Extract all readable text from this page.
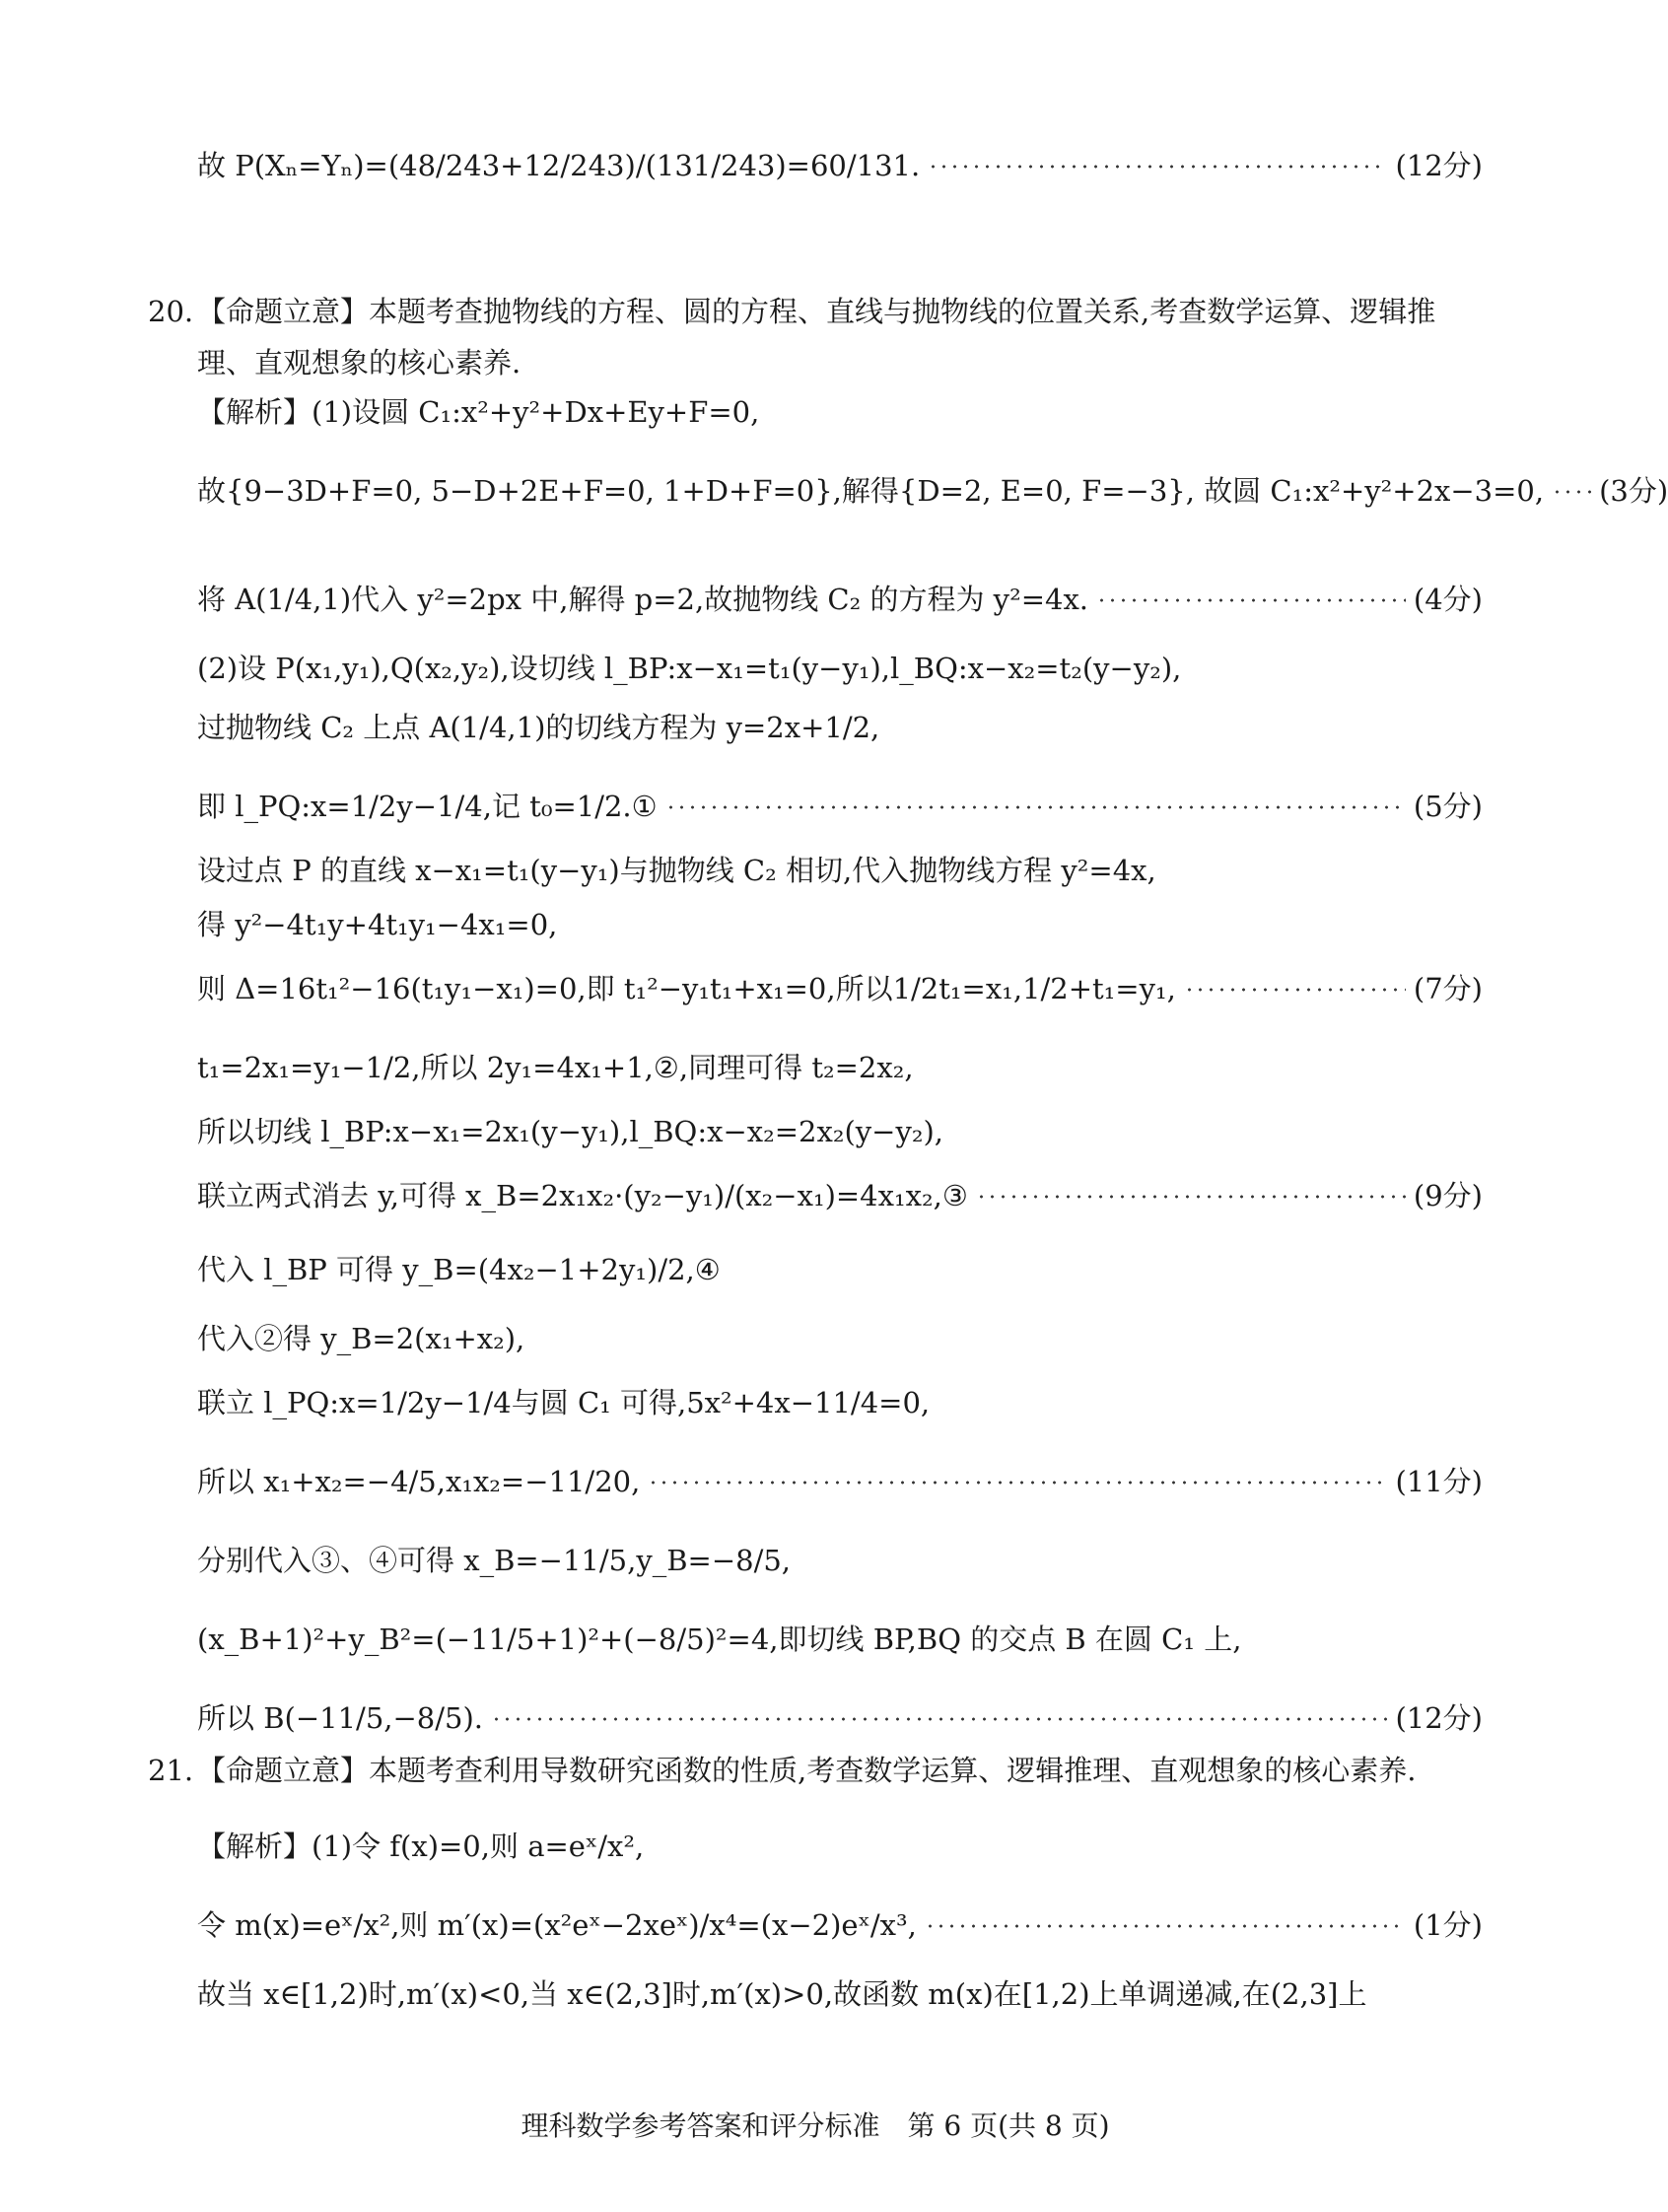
20. 【命题立意】本题考查抛物线的方程、圆的方程、直线与抛物线的位置关系,考查数学运算、逻辑推理、直观想象的核心素养.
21. 【命题立意】本题考查利用导数研究函数的性质,考查数学运算、逻辑推理、直观想象的核心素养.
故 P(Xₙ=Yₙ)=(48/243+12/243)/(131/243)=60/131.	(12分)
【解析】(1)设圆 C₁:x²+y²+Dx+Ey+F=0,
故{9−3D+F=0, 5−D+2E+F=0, 1+D+F=0},解得{D=2, E=0, F=−3}, 故圆 C₁:x²+y²+2x−3=0, (3分)
将 A(1/4,1)代入 y²=2px 中,解得 p=2,故抛物线 C₂ 的方程为 y²=4x.	(4分)
(2)设 P(x₁,y₁),Q(x₂,y₂),设切线 l_BP:x−x₁=t₁(y−y₁),l_BQ:x−x₂=t₂(y−y₂),
过抛物线 C₂ 上点 A(1/4,1)的切线方程为 y=2x+1/2,
即 l_PQ:x=1/2y−1/4,记 t₀=1/2.①	(5分)
设过点 P 的直线 x−x₁=t₁(y−y₁)与抛物线 C₂ 相切,代入抛物线方程 y²=4x,
得 y²−4t₁y+4t₁y₁−4x₁=0,
则 Δ=16t₁²−16(t₁y₁−x₁)=0,即 t₁²−y₁t₁+x₁=0,所以1/2t₁=x₁,1/2+t₁=y₁,	(7分)
t₁=2x₁=y₁−1/2,所以 2y₁=4x₁+1,②,同理可得 t₂=2x₂,
所以切线 l_BP:x−x₁=2x₁(y−y₁),l_BQ:x−x₂=2x₂(y−y₂),
联立两式消去 y,可得 x_B=2x₁x₂·(y₂−y₁)/(x₂−x₁)=4x₁x₂,③	(9分)
代入 l_BP 可得 y_B=(4x₂−1+2y₁)/2,④
代入②得 y_B=2(x₁+x₂),
联立 l_PQ:x=1/2y−1/4与圆 C₁ 可得,5x²+4x−11/4=0,
所以 x₁+x₂=−4/5,x₁x₂=−11/20,	(11分)
分别代入③、④可得 x_B=−11/5,y_B=−8/5,
(x_B+1)²+y_B²=(−11/5+1)²+(−8/5)²=4,即切线 BP,BQ 的交点 B 在圆 C₁ 上,
所以 B(−11/5,−8/5).	(12分)
【解析】(1)令 f(x)=0,则 a=eˣ/x²,
令 m(x)=eˣ/x²,则 m′(x)=(x²eˣ−2xeˣ)/x⁴=(x−2)eˣ/x³,	(1分)
故当 x∈[1,2)时,m′(x)<0,当 x∈(2,3]时,m′(x)>0,故函数 m(x)在[1,2)上单调递减,在(2,3]上
理科数学参考答案和评分标准　第 6 页(共 8 页)
